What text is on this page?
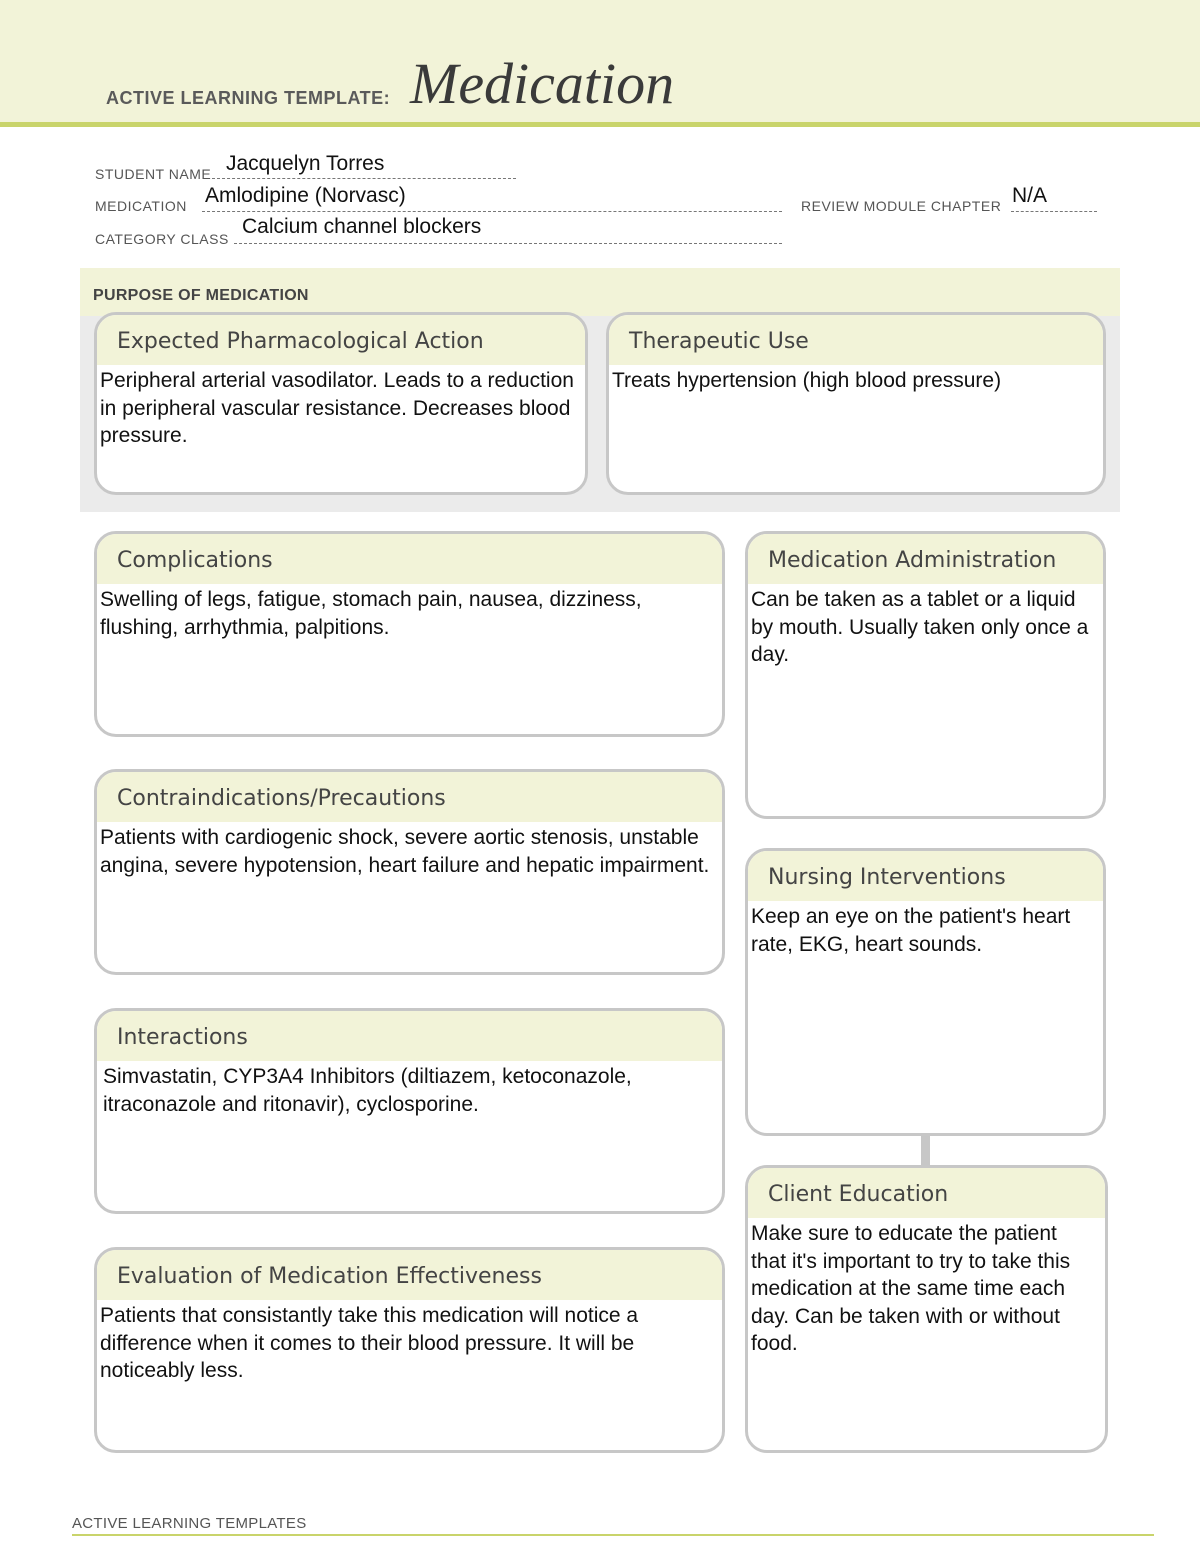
ACTIVE LEARNING TEMPLATE: Medication
STUDENT NAME Jacquelyn Torres
MEDICATION Amlodipine (Norvasc)	REVIEW MODULE CHAPTER N/A
CATEGORY CLASS
Calcium channel blockers
PURPOSE OF MEDICATION
Expected Pharmacological Action
Peripheral arterial vasodilator. Leads to a reduction in peripheral vascular resistance. Decreases blood pressure.
Therapeutic Use
Treats hypertension (high blood pressure)
Complications
Swelling of legs, fatigue, stomach pain, nausea, dizziness, flushing, arrhythmia, palpitions.
Contraindications/Precautions
Patients with cardiogenic shock, severe aortic stenosis, unstable angina, severe hypotension, heart failure and hepatic impairment.
Interactions
Simvastatin, CYP3A4 Inhibitors (diltiazem, ketoconazole, itraconazole and ritonavir), cyclosporine.
Evaluation of Medication Effectiveness
Patients that consistantly take this medication will notice a difference when it comes to their blood pressure. It will be noticeably less.
Medication Administration
Can be taken as a tablet or a liquid by mouth. Usually taken only once a day.
Nursing Interventions
Keep an eye on the patient's heart rate, EKG, heart sounds.
Client Education
Make sure to educate the patient that it's important to try to take this medication at the same time each day. Can be taken with or without food.
ACTIVE LEARNING TEMPLATES
